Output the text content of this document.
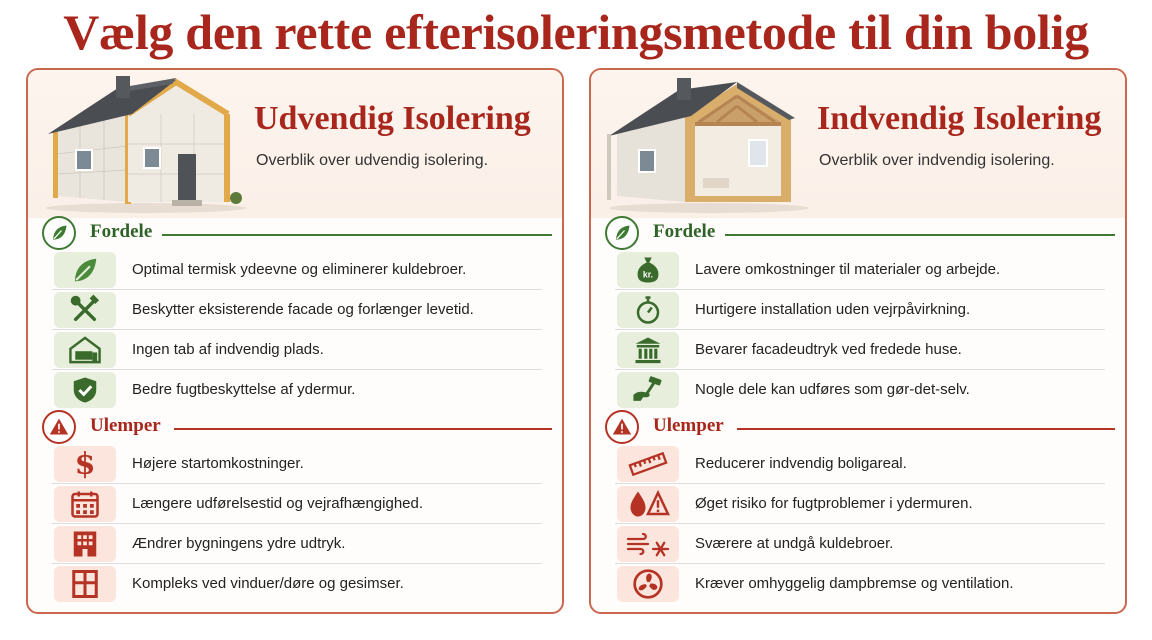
Vælg den rette efterisoleringsmetode til din bolig
Udvendig Isolering
Overblik over udvendig isolering.
Fordele
Optimal termisk ydeevne og eliminerer kuldebroer.
Beskytter eksisterende facade og forlænger levetid.
Ingen tab af indvendig plads.
Bedre fugtbeskyttelse af ydermur.
Ulemper
$ Højere startomkostninger.
Længere udførelsestid og vejrafhængighed.
Ændrer bygningens ydre udtryk.
Kompleks ved vinduer/døre og gesimser.
Indvendig Isolering
Overblik over indvendig isolering.
Fordele
kr.	Lavere omkostninger til materialer og arbejde.
Hurtigere installation uden vejrpåvirkning.
Bevarer facadeudtryk ved fredede huse.
Nogle dele kan udføres som gør-det-selv.
Ulemper
Reducerer indvendig boligareal.
Øget risiko for fugtproblemer i ydermuren.
Sværere at undgå kuldebroer.
Kræver omhyggelig dampbremse og ventilation.
